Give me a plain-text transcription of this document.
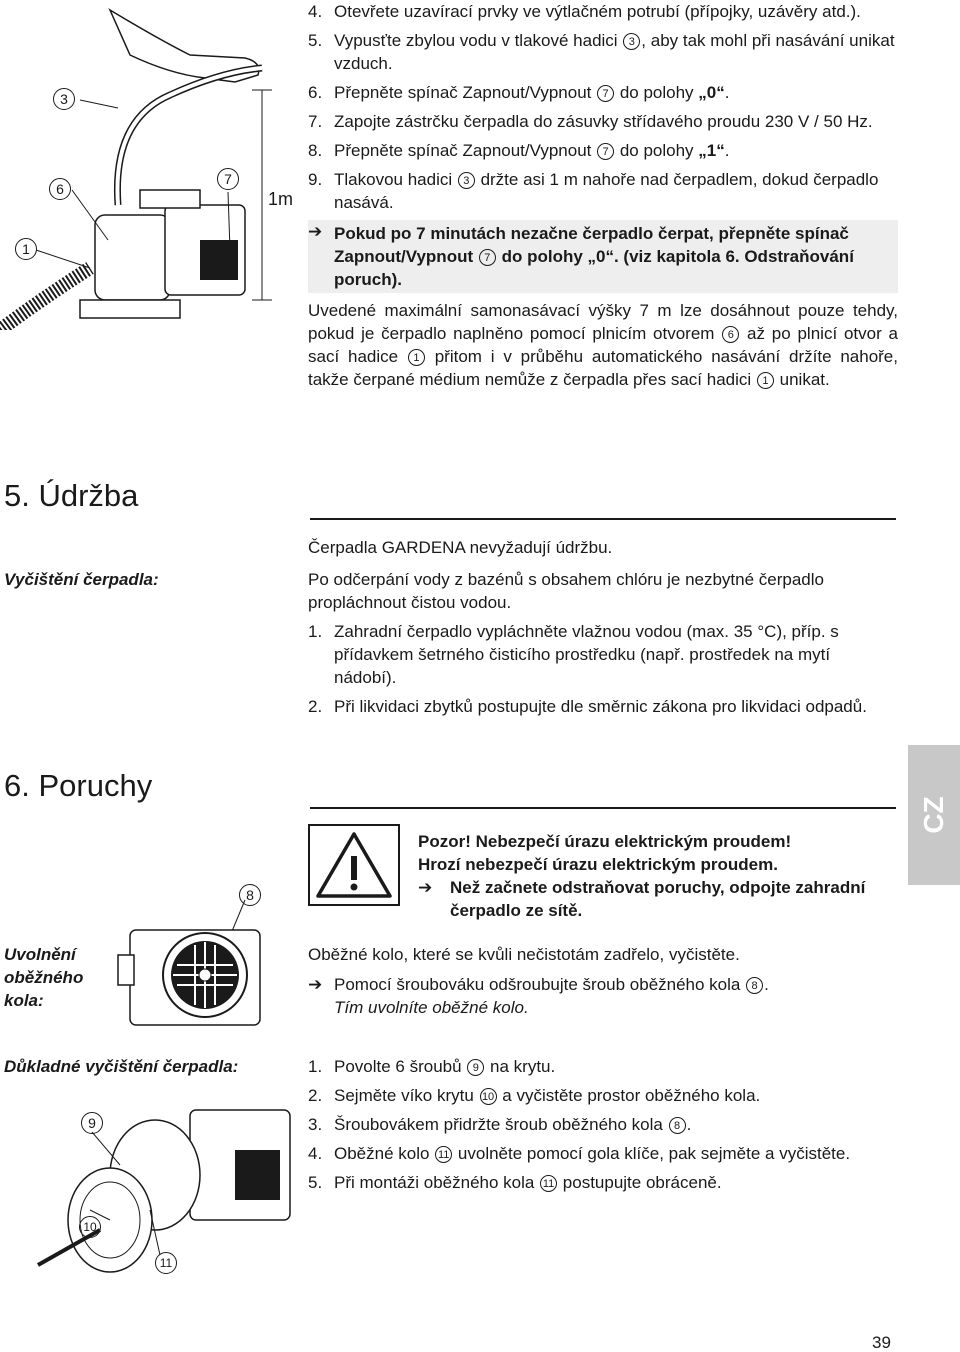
3
6
1
7
1m
4. Otevřete uzavírací prvky ve výtlačném potrubí (přípojky, uzávěry atd.).
5. Vypusťte zbylou vodu v tlakové hadici 3 , aby tak mohl při nasávání unikat vzduch.
6. Přepněte spínač Zapnout/Vypnout 7 do polohy „0“.
7. Zapojte zástrčku čerpadla do zásuvky střídavého proudu 230 V / 50 Hz.
8. Přepněte spínač Zapnout/Vypnout 7 do polohy „1“.
9. Tlakovou hadici 3 držte asi 1 m nahoře nad čerpadlem, dokud čerpadlo nasává.
➔ Pokud po 7 minutách nezačne čerpadlo čerpat, přepněte spínač Zapnout/Vypnout 7 do polohy „0“. (viz kapitola 6. Odstraňování poruch).
Uvedené maximální samonasávací výšky 7 m lze dosáhnout pouze tehdy, pokud je čerpadlo naplněno pomocí plnicím otvorem 6 až po plnicí otvor a sací hadice 1 přitom i v průběhu automatického nasávání držíte nahoře, takže čerpané médium nemůže z čerpadla přes sací hadici 1 unikat.
5. Údržba
Čerpadla GARDENA nevyžadují údržbu.
Vyčištění čerpadla:	Po odčerpání vody z bazénů s obsahem chlóru je nezbytné čerpadlo propláchnout čistou vodou.
1. Zahradní čerpadlo vypláchněte vlažnou vodou (max. 35 °C), příp. s přídavkem šetrného čisticího prostředku (např. prostředek na mytí nádobí).
2. Při likvidaci zbytků postupujte dle směrnic zákona pro likvidaci odpadů.
CZ
6. Poruchy
Pozor! Nebezpečí úrazu elektrickým proudem!
Hrozí nebezpečí úrazu elektrickým proudem.
➔ Než začnete odstraňovat poruchy, odpojte zahradní čerpadlo ze sítě.
8
Uvolnění oběžného kola:
Oběžné kolo, které se kvůli nečistotám zadřelo, vyčistěte.
➔ Pomocí šroubováku odšroubujte šroub oběžného kola 8 .
Tím uvolníte oběžné kolo.
Důkladné vyčištění čerpadla:	1. Povolte 6 šroubů 9 na krytu.
2. Sejměte víko krytu 10 a vyčistěte prostor oběžného kola.
3. Šroubovákem přidržte šroub oběžného kola 8 .
4. Oběžné kolo 11 uvolněte pomocí gola klíče, pak sejměte a vyčistěte.
5. Při montáži oběžného kola 11 postupujte obráceně.
9
10
11
39
